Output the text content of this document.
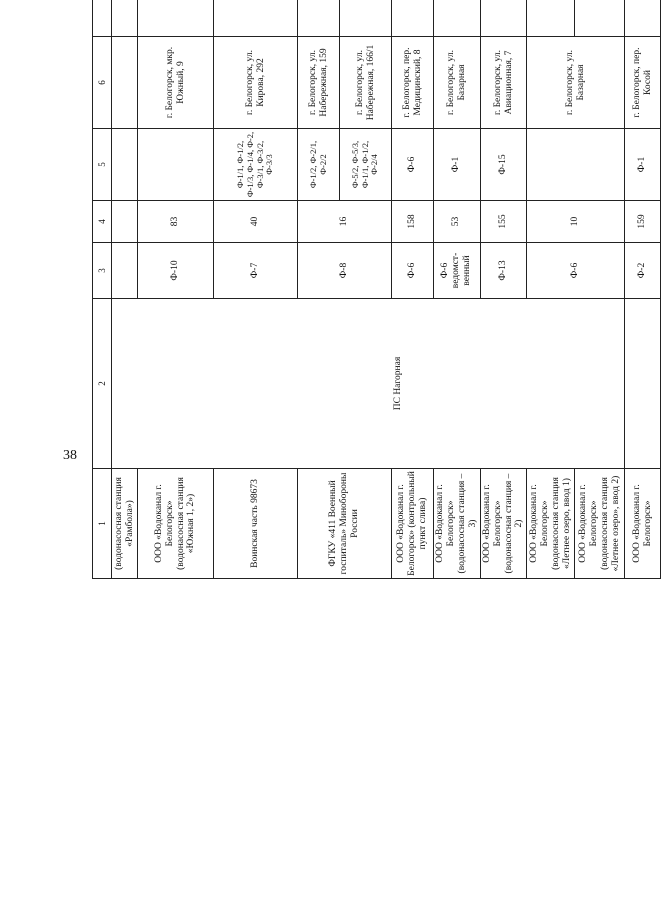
38
1	2	3	4	5	6		
(водонасосная станция «Рамбола»)	ПС Нагорная						
ООО «Водоканал г. Белогорск» (водонасосная станция «Южная 1, 2»)		Ф-10	83		г. Белогорск, мкр. Южный, 9		
Воинская часть 98673		Ф-7	40	Ф-1/1, Ф-1/2, Ф-1/3, Ф-1/4, Ф-2, Ф-3/1, Ф-3/2, Ф-3/3	г. Белогорск, ул. Кирова, 292		
ФГКУ «411 Военный госпиталь» Минобороны России		Ф-8	16	Ф-1/2, Ф-2/1, Ф-2/2	г. Белогорск, ул. Набережная, 159		
				Ф-5/2, Ф-5/3, Ф-1/1, Ф-1/2, Ф-2/4	г. Белогорск, ул. Набережная, 166/1		
ООО «Водоканал г. Белогорск» (контрольный пункт слива)		Ф-6	158	Ф-6	г. Белогорск, пер. Медицинский, 8		
ООО «Водоканал г. Белогорск» (водонасосная станция – 3)		Ф-6 ведомст- венный	53	Ф-1	г. Белогорск, ул. Базарная		
ООО «Водоканал г. Белогорск» (водонасосная станция – 2)		Ф-13	155	Ф-15	г. Белогорск, ул. Авиационная, 7		
ООО «Водоканал г. Белогорск» (водонасосная станция «Летнее озеро, ввод 1)		Ф-6	10		г. Белогорск, ул. Базарная		
ООО «Водоканал г. Белогорск» (водонасосная станция «Летнее озеро», ввод 2)		
ООО «Водоканал г. Белогорск»		Ф-2	159	Ф-1	г. Белогорск, пер. Косой		
